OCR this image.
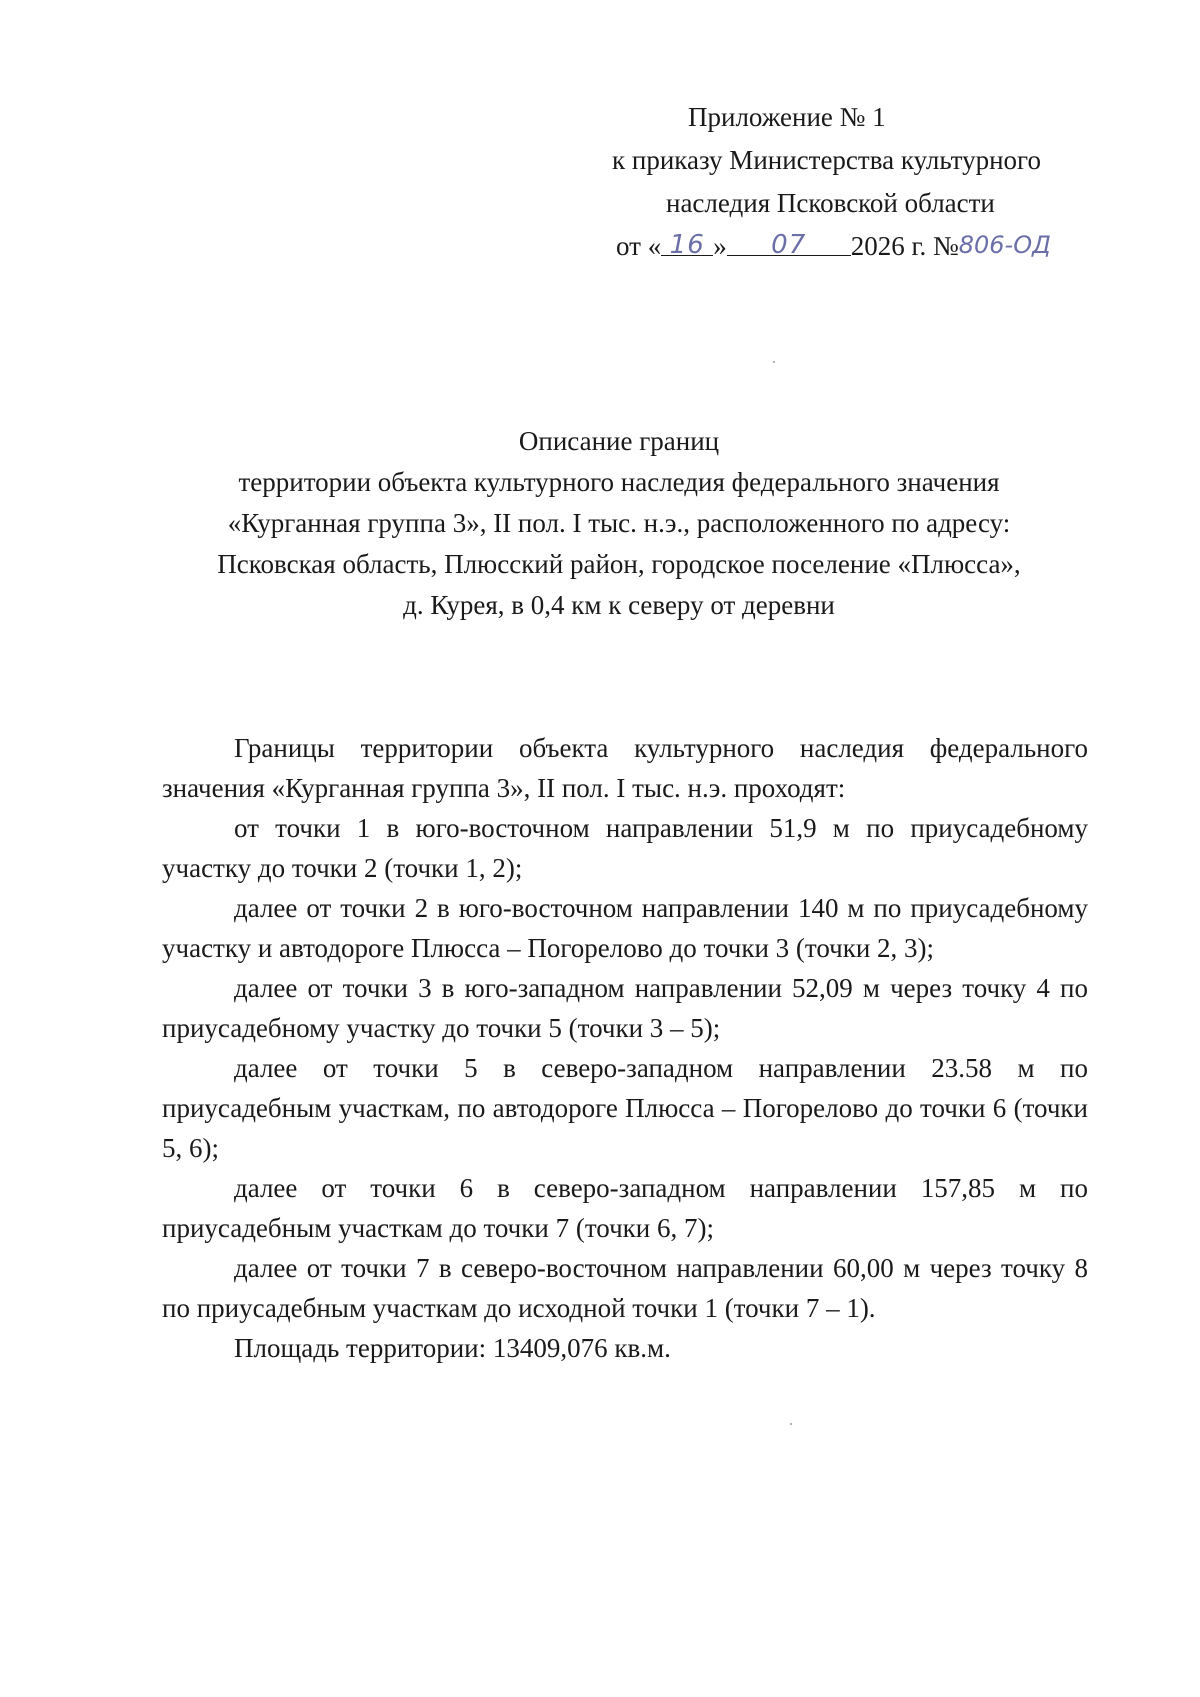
Приложение № 1
к приказу Министерства культурного
наследия Псковской области
от « 16 » 07 2026 г. №806-ОД
Описание границ
территории объекта культурного наследия федерального значения
«Курганная группа 3», II пол. I тыс. н.э., расположенного по адресу:
Псковская область, Плюсский район, городское поселение «Плюсса»,
д. Курея, в 0,4 км к северу от деревни

Границы территории объекта культурного наследия федерального значения «Курганная группа 3», II пол. I тыс. н.э. проходят:

от точки 1 в юго-восточном направлении 51,9 м по приусадебному участку до точки 2 (точки 1, 2);

далее от точки 2 в юго-восточном направлении 140 м по приусадебному участку и автодороге Плюсса – Погорелово до точки 3 (точки 2, 3);

далее от точки 3 в юго-западном направлении 52,09 м через точку 4 по приусадебному участку до точки 5 (точки 3 – 5);

далее от точки 5 в северо-западном направлении 23.58 м по приусадебным участкам, по автодороге Плюсса – Погорелово до точки 6 (точки 5, 6);

далее от точки 6 в северо-западном направлении 157,85 м по приусадебным участкам до точки 7 (точки 6, 7);

далее от точки 7 в северо-восточном направлении 60,00 м через точку 8 по приусадебным участкам до исходной точки 1 (точки 7 – 1).

Площадь территории: 13409,076 кв.м.
